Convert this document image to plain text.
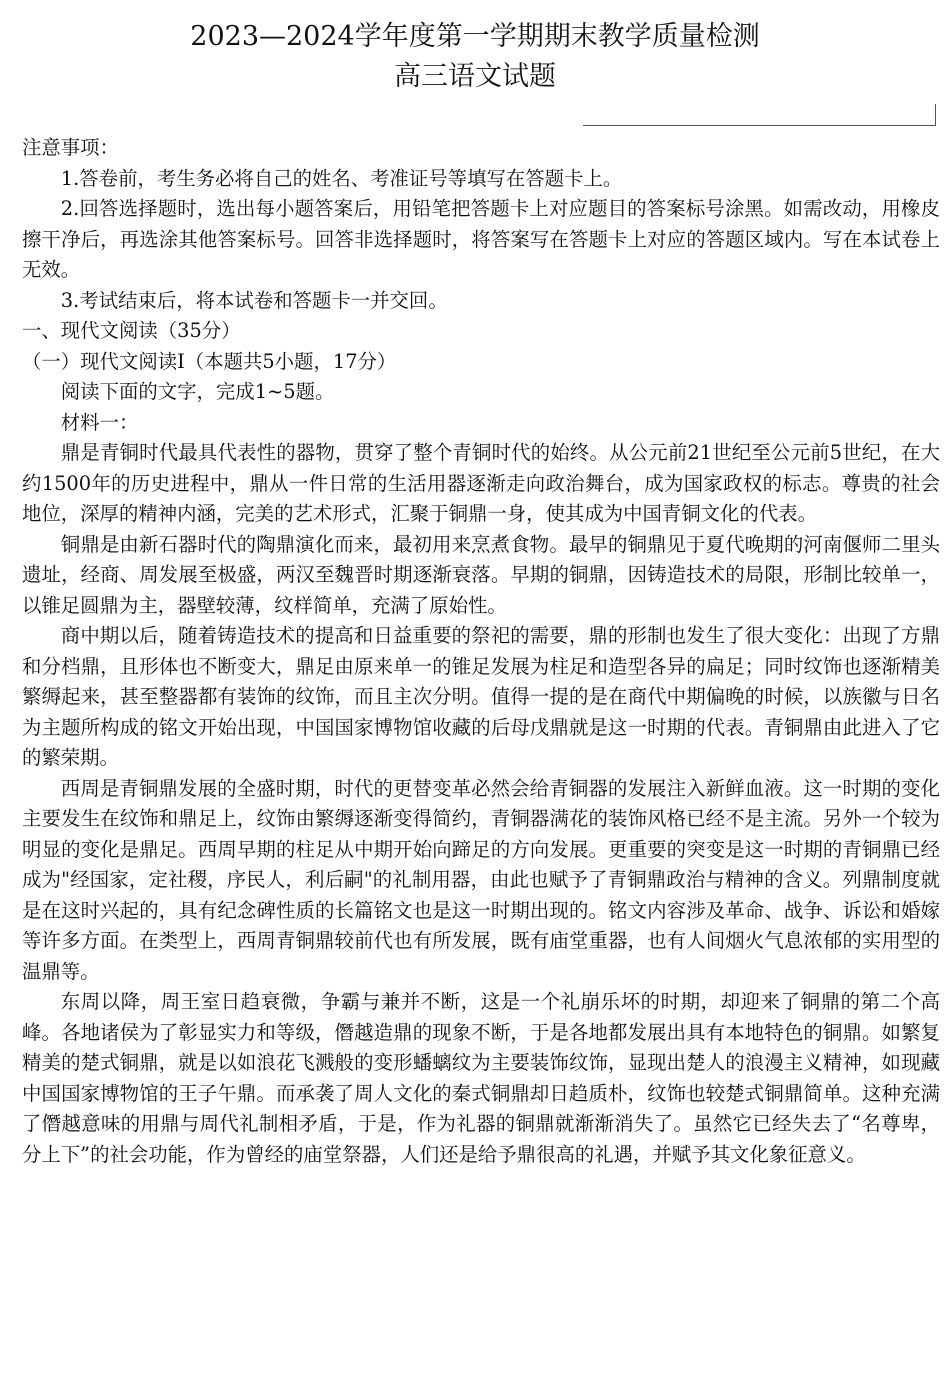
2023—2024学年度第一学期期末教学质量检测
高三语文试题

注意事项：

1.答卷前，考生务必将自己的姓名、考准证号等填写在答题卡上。

2.回答选择题时，选出每小题答案后，用铅笔把答题卡上对应题目的答案标号涂黑。如需改动，用橡皮擦干净后，再选涂其他答案标号。回答非选择题时，将答案写在答题卡上对应的答题区域内。写在本试卷上无效。

3.考试结束后，将本试卷和答题卡一并交回。

一、现代文阅读（35分）

（一）现代文阅读Ⅰ（本题共5小题，17分）

阅读下面的文字，完成1~5题。

材料一：

鼎是青铜时代最具代表性的器物，贯穿了整个青铜时代的始终。从公元前21世纪至公元前5世纪，在大约1500年的历史进程中，鼎从一件日常的生活用器逐渐走向政治舞台，成为国家政权的标志。尊贵的社会地位，深厚的精神内涵，完美的艺术形式，汇聚于铜鼎一身，使其成为中国青铜文化的代表。

铜鼎是由新石器时代的陶鼎演化而来，最初用来烹煮食物。最早的铜鼎见于夏代晚期的河南偃师二里头遗址，经商、周发展至极盛，两汉至魏晋时期逐渐衰落。早期的铜鼎，因铸造技术的局限，形制比较单一，以锥足圆鼎为主，器壁较薄，纹样简单，充满了原始性。

商中期以后，随着铸造技术的提高和日益重要的祭祀的需要，鼎的形制也发生了很大变化：出现了方鼎和分档鼎，且形体也不断变大，鼎足由原来单一的锥足发展为柱足和造型各异的扁足；同时纹饰也逐渐精美繁缛起来，甚至整器都有装饰的纹饰，而且主次分明。值得一提的是在商代中期偏晚的时候，以族徽与日名为主题所构成的铭文开始出现，中国国家博物馆收藏的后母戊鼎就是这一时期的代表。青铜鼎由此进入了它的繁荣期。

西周是青铜鼎发展的全盛时期，时代的更替变革必然会给青铜器的发展注入新鲜血液。这一时期的变化主要发生在纹饰和鼎足上，纹饰由繁缛逐渐变得简约，青铜器满花的装饰风格已经不是主流。另外一个较为明显的变化是鼎足。西周早期的柱足从中期开始向蹄足的方向发展。更重要的突变是这一时期的青铜鼎已经成为"经国家，定社稷，序民人，利后嗣"的礼制用器，由此也赋予了青铜鼎政治与精神的含义。列鼎制度就是在这时兴起的，具有纪念碑性质的长篇铭文也是这一时期出现的。铭文内容涉及革命、战争、诉讼和婚嫁等许多方面。在类型上，西周青铜鼎较前代也有所发展，既有庙堂重器，也有人间烟火气息浓郁的实用型的温鼎等。

东周以降，周王室日趋衰微，争霸与兼并不断，这是一个礼崩乐坏的时期，却迎来了铜鼎的第二个高峰。各地诸侯为了彰显实力和等级，僭越造鼎的现象不断，于是各地都发展出具有本地特色的铜鼎。如繁复精美的楚式铜鼎，就是以如浪花飞溅般的变形蟠螭纹为主要装饰纹饰，显现出楚人的浪漫主义精神，如现藏中国国家博物馆的王子午鼎。而承袭了周人文化的秦式铜鼎却日趋质朴，纹饰也较楚式铜鼎简单。这种充满了僭越意味的用鼎与周代礼制相矛盾，于是，作为礼器的铜鼎就渐渐消失了。虽然它已经失去了“名尊卑，分上下”的社会功能，作为曾经的庙堂祭器，人们还是给予鼎很高的礼遇，并赋予其文化象征意义。
